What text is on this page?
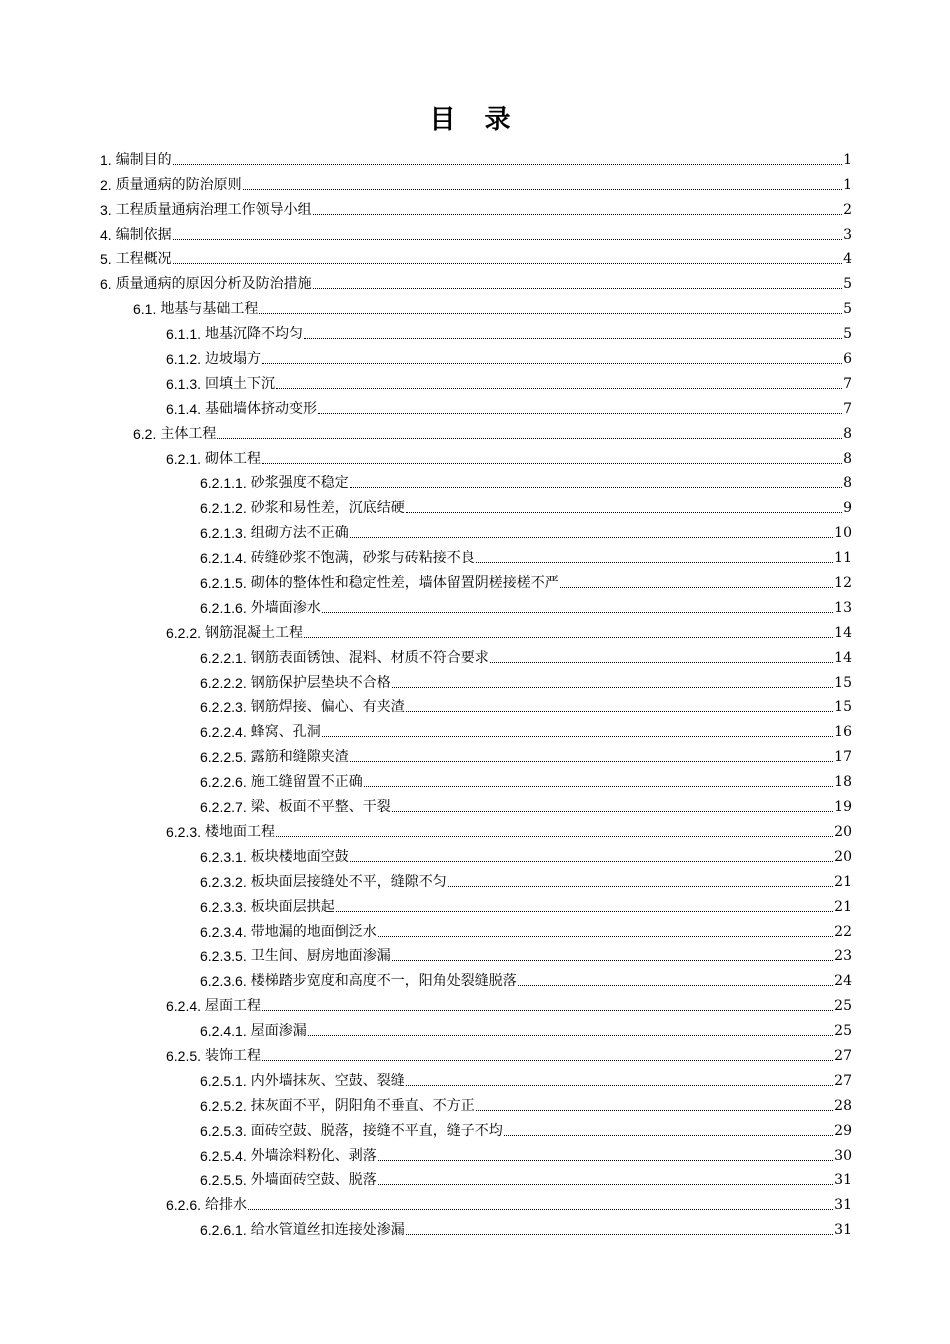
目 录
1. 编制目的	1
2. 质量通病的防治原则	1
3. 工程质量通病治理工作领导小组	2
4. 编制依据	3
5. 工程概况	4
6. 质量通病的原因分析及防治措施	5
6.1. 地基与基础工程	5
6.1.1. 地基沉降不均匀	5
6.1.2. 边坡塌方	6
6.1.3. 回填土下沉	7
6.1.4. 基础墙体挤动变形	7
6.2. 主体工程	8
6.2.1. 砌体工程	8
6.2.1.1. 砂浆强度不稳定	8
6.2.1.2. 砂浆和易性差，沉底结硬	9
6.2.1.3. 组砌方法不正确	10
6.2.1.4. 砖缝砂浆不饱满，砂浆与砖粘接不良	11
6.2.1.5. 砌体的整体性和稳定性差，墙体留置阴槎接槎不严	12
6.2.1.6. 外墙面渗水	13
6.2.2. 钢筋混凝土工程	14
6.2.2.1. 钢筋表面锈蚀、混料、材质不符合要求	14
6.2.2.2. 钢筋保护层垫块不合格	15
6.2.2.3. 钢筋焊接、偏心、有夹渣	15
6.2.2.4. 蜂窝、孔洞	16
6.2.2.5. 露筋和缝隙夹渣	17
6.2.2.6. 施工缝留置不正确	18
6.2.2.7. 梁、板面不平整、干裂	19
6.2.3. 楼地面工程	20
6.2.3.1. 板块楼地面空鼓	20
6.2.3.2. 板块面层接缝处不平，缝隙不匀	21
6.2.3.3. 板块面层拱起	21
6.2.3.4. 带地漏的地面倒泛水	22
6.2.3.5. 卫生间、厨房地面渗漏	23
6.2.3.6. 楼梯踏步宽度和高度不一，阳角处裂缝脱落	24
6.2.4. 屋面工程	25
6.2.4.1. 屋面渗漏	25
6.2.5. 装饰工程	27
6.2.5.1. 内外墙抹灰、空鼓、裂缝	27
6.2.5.2. 抹灰面不平，阴阳角不垂直、不方正	28
6.2.5.3. 面砖空鼓、脱落，接缝不平直，缝子不均	29
6.2.5.4. 外墙涂料粉化、剥落	30
6.2.5.5. 外墙面砖空鼓、脱落	31
6.2.6. 给排水	31
6.2.6.1. 给水管道丝扣连接处渗漏	31
